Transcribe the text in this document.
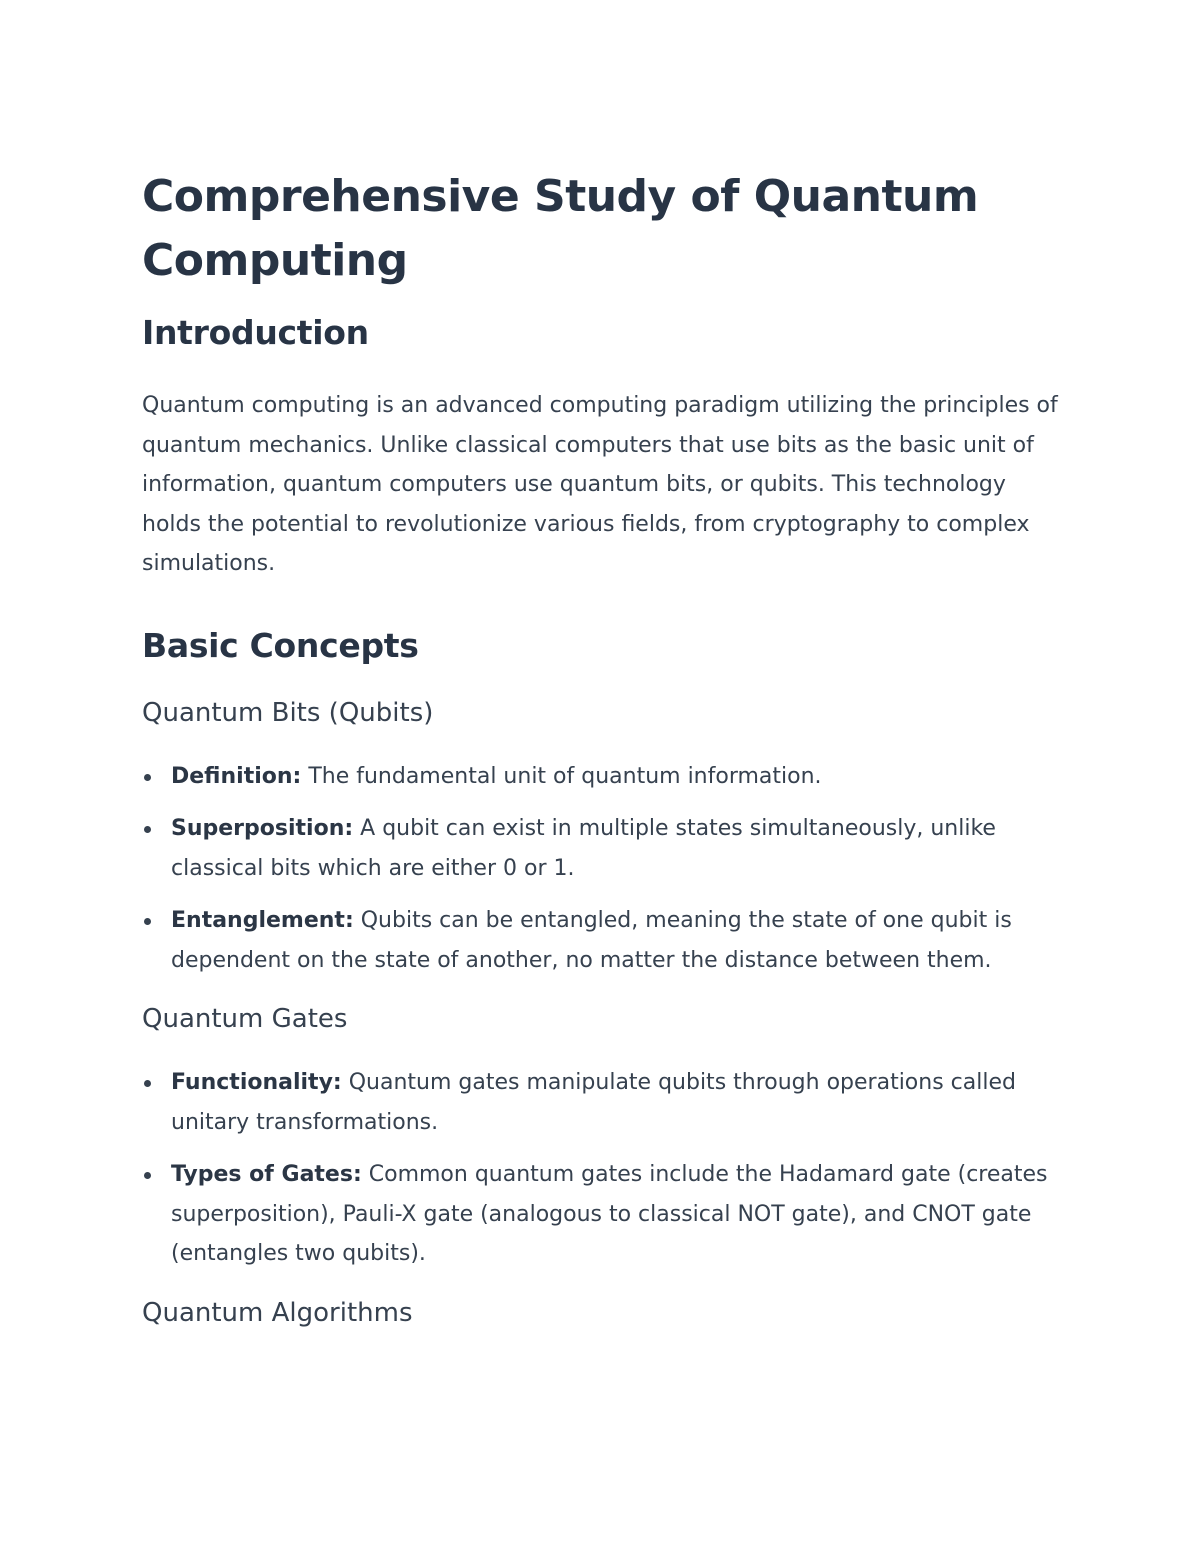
Comprehensive Study of Quantum Computing
Introduction

Quantum computing is an advanced computing paradigm utilizing the principles of quantum mechanics. Unlike classical computers that use bits as the basic unit of information, quantum computers use quantum bits, or qubits. This technology holds the potential to revolutionize various fields, from cryptography to complex simulations.

Basic Concepts
Quantum Bits (Qubits)
Definition: The fundamental unit of quantum information.
Superposition: A qubit can exist in multiple states simultaneously, unlike classical bits which are either 0 or 1.
Entanglement: Qubits can be entangled, meaning the state of one qubit is dependent on the state of another, no matter the distance between them.
Quantum Gates
Functionality: Quantum gates manipulate qubits through operations called unitary transformations.
Types of Gates: Common quantum gates include the Hadamard gate (creates superposition), Pauli-X gate (analogous to classical NOT gate), and CNOT gate (entangles two qubits).
Quantum Algorithms
